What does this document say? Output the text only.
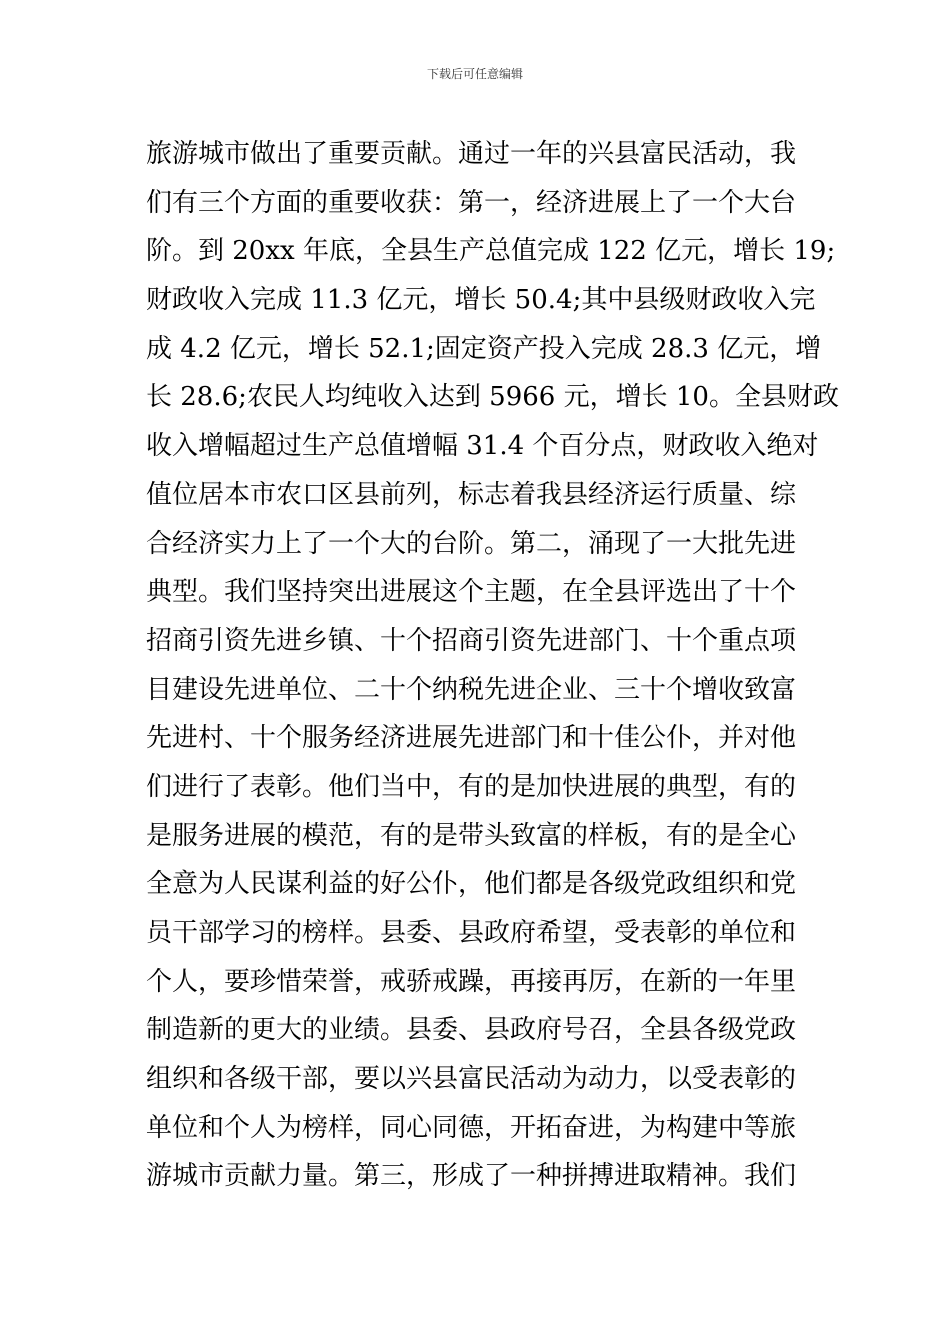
下载后可任意编辑
旅游城市做出了重要贡献。通过一年的兴县富民活动，我
们有三个方面的重要收获：第一，经济进展上了一个大台
阶。到 20xx 年底，全县生产总值完成 122 亿元，增长 19;
财政收入完成 11.3 亿元，增长 50.4;其中县级财政收入完
成 4.2 亿元，增长 52.1;固定资产投入完成 28.3 亿元，增
长 28.6;农民人均纯收入达到 5966 元，增长 10。全县财政
收入增幅超过生产总值增幅 31.4 个百分点，财政收入绝对
值位居本市农口区县前列，标志着我县经济运行质量、综
合经济实力上了一个大的台阶。第二，涌现了一大批先进
典型。我们坚持突出进展这个主题，在全县评选出了十个
招商引资先进乡镇、十个招商引资先进部门、十个重点项
目建设先进单位、二十个纳税先进企业、三十个增收致富
先进村、十个服务经济进展先进部门和十佳公仆，并对他
们进行了表彰。他们当中，有的是加快进展的典型，有的
是服务进展的模范，有的是带头致富的样板，有的是全心
全意为人民谋利益的好公仆，他们都是各级党政组织和党
员干部学习的榜样。县委、县政府希望，受表彰的单位和
个人，要珍惜荣誉，戒骄戒躁，再接再厉，在新的一年里
制造新的更大的业绩。县委、县政府号召，全县各级党政
组织和各级干部，要以兴县富民活动为动力，以受表彰的
单位和个人为榜样，同心同德，开拓奋进，为构建中等旅
游城市贡献力量。第三，形成了一种拼搏进取精神。我们
